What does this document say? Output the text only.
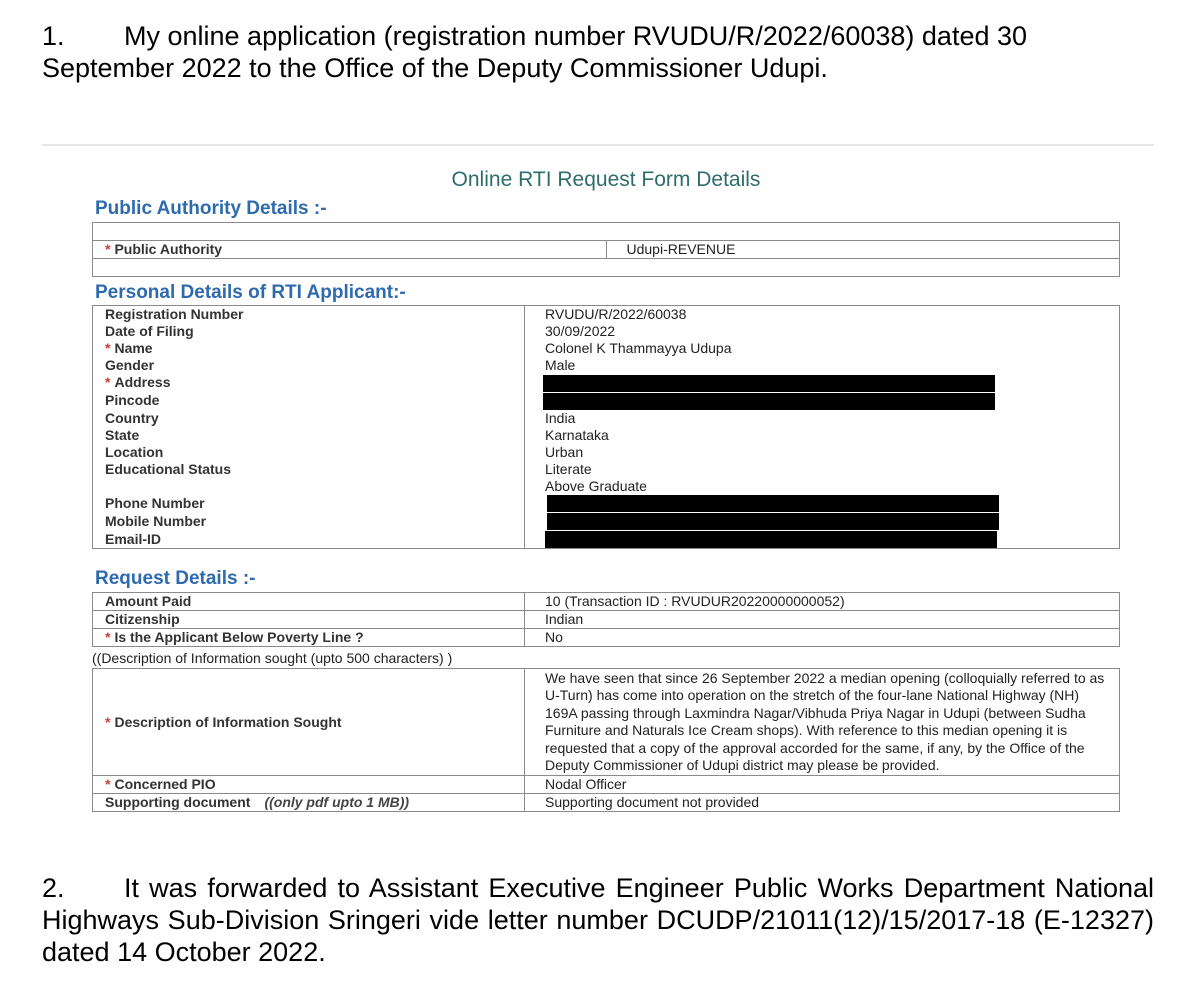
1. My online application (registration number RVUDU/R/2022/60038) dated 30 September 2022 to the Office of the Deputy Commissioner Udupi.
Online RTI Request Form Details
Public Authority Details :-

* Public Authority	Udupi-REVENUE

Personal Details of RTI Applicant:-
Registration Number	RVUDU/R/2022/60038
Date of Filing	30/09/2022
* Name	Colonel K Thammayya Udupa
Gender	Male
* Address	
Pincode	
Country	India
State	Karnataka
Location	Urban
Educational Status	Literate
	Above Graduate
Phone Number	
Mobile Number	
Email-ID	
Request Details :-
Amount Paid	10 (Transaction ID : RVUDUR20220000000052)
Citizenship	Indian
* Is the Applicant Below Poverty Line ?	No
((Description of Information sought (upto 500 characters) )
* Description of Information Sought	We have seen that since 26 September 2022 a median opening (colloquially referred to as U-Turn) has come into operation on the stretch of the four-lane National Highway (NH) 169A passing through Laxmindra Nagar/Vibhuda Priya Nagar in Udupi (between Sudha Furniture and Naturals Ice Cream shops). With reference to this median opening it is requested that a copy of the approval accorded for the same, if any, by the Office of the Deputy Commissioner of Udupi district may please be provided.
* Concerned PIO	Nodal Officer
Supporting document ((only pdf upto 1 MB))	Supporting document not provided
2. It was forwarded to Assistant Executive Engineer Public Works Department National Highways Sub-Division Sringeri vide letter number DCUDP/21011(12)/15/2017-18 (E-12327) dated 14 October 2022.
